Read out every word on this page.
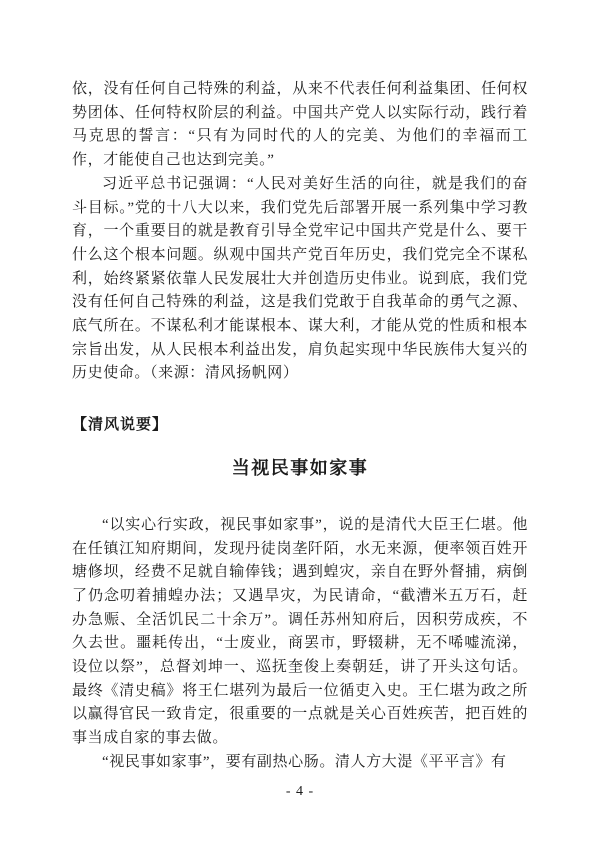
依，没有任何自己特殊的利益，从来不代表任何利益集团、任何权势团体、任何特权阶层的利益。中国共产党人以实际行动，践行着马克思的誓言：“只有为同时代的人的完美、为他们的幸福而工作，才能使自己也达到完美。”

习近平总书记强调：“人民对美好生活的向往，就是我们的奋斗目标。”党的十八大以来，我们党先后部署开展一系列集中学习教育，一个重要目的就是教育引导全党牢记中国共产党是什么、要干什么这个根本问题。纵观中国共产党百年历史，我们党完全不谋私利，始终紧紧依靠人民发展壮大并创造历史伟业。说到底，我们党没有任何自己特殊的利益，这是我们党敢于自我革命的勇气之源、底气所在。不谋私利才能谋根本、谋大利，才能从党的性质和根本宗旨出发，从人民根本利益出发，肩负起实现中华民族伟大复兴的历史使命。（来源：清风扬帆网）

【清风说要】

当视民事如家事

“以实心行实政，视民事如家事”，说的是清代大臣王仁堪。他在任镇江知府期间，发现丹徒岗垄阡陌，水无来源，便率领百姓开塘修坝，经费不足就自输俸钱；遇到蝗灾，亲自在野外督捕，病倒了仍念叨着捕蝗办法；又遇旱灾，为民请命，“截漕米五万石，赶办急赈、全活饥民二十余万”。调任苏州知府后，因积劳成疾，不久去世。噩耗传出，“士废业，商罢市，野辍耕，无不唏嘘流涕，设位以祭”，总督刘坤一、巡抚奎俊上奏朝廷，讲了开头这句话。最终《清史稿》将王仁堪列为最后一位循吏入史。王仁堪为政之所以赢得官民一致肯定，很重要的一点就是关心百姓疾苦，把百姓的事当成自家的事去做。

“视民事如家事”，要有副热心肠。清人方大湜《平平言》有

- 4 -
